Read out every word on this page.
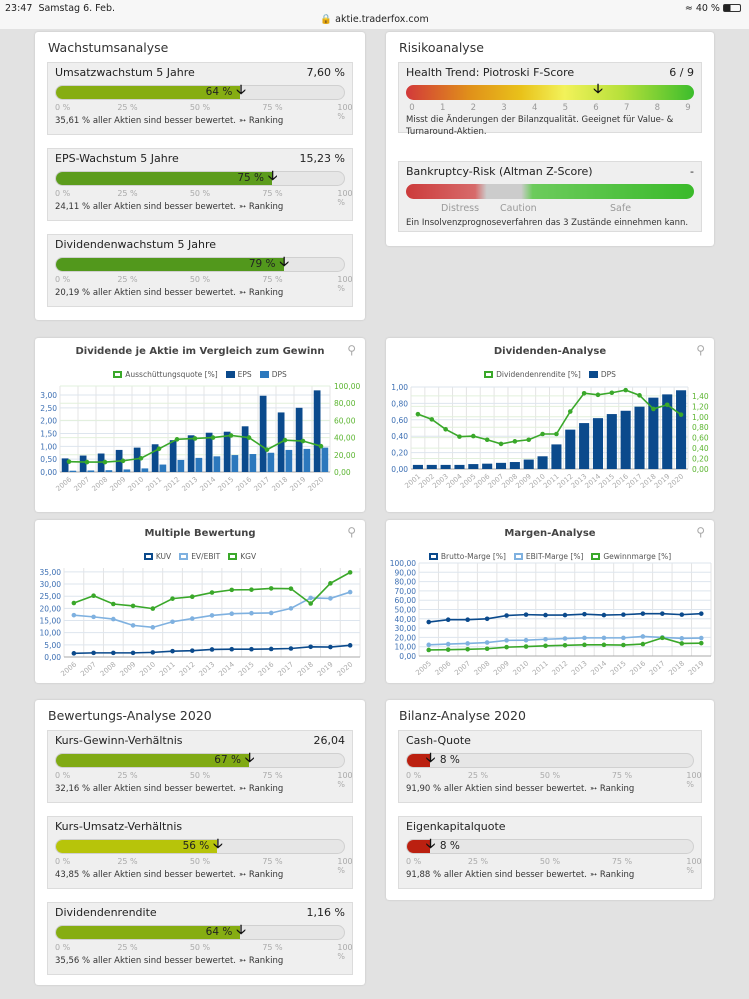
23:47 Samstag 6. Feb.
🔒 aktie.traderfox.com
≈ 40 %
Wachstumsanalyse
Umsatzwachstum 5 Jahre	7,60 %
🡣
64 %
0 %	25 %	50 %	75 %	100 %
35,61 % aller Aktien sind besser bewertet. ➳ Ranking
EPS-Wachstum 5 Jahre	15,23 %
🡣
75 %
0 %	25 %	50 %	75 %	100 %
24,11 % aller Aktien sind besser bewertet. ➳ Ranking
Dividendenwachstum 5 Jahre
🡣
79 %
0 %	25 %	50 %	75 %	100 %
20,19 % aller Aktien sind besser bewertet. ➳ Ranking
Risikoanalyse
Health Trend: Piotroski F-Score	6 / 9
🡣
0	1	2	3	4	5	6	7	8	9
Misst die Änderungen der Bilanzqualität. Geeignet für Value- &
Turnaround-Aktien.
Bankruptcy-Risk (Altman Z-Score)	-
Distress Caution	Safe
Ein Insolvenzprognoseverfahren das 3 Zustände einnehmen kann.
Dividende je Aktie im Vergleich zum Gewinn	⚲
Ausschüttungsquote [%]	EPS	DPS
0,00
0,50
1,00
1,50
2,00
2,50
3,00
0,00
20,00
40,00
60,00
80,00
100,00
2006 2007 2008 2009 2010 2011 2012 2013 2014 2015 2016 2017 2018 2019 2020
Dividenden-Analyse	⚲
Dividendenrendite [%]	DPS
0,00
0,20
0,40
0,60
0,80
1,00
0,00
0,20
0,40
0,60
0,80
1,00
1,20
1,40
2001
2002
2003
2004
2005
2006
2007
2008
2009
2010
2011
2012
2013
2014
2015
2016
2017
2018
2019
2020
Multiple Bewertung	⚲
KUV	EV/EBIT	KGV
0,00
5,00
10,00
15,00
20,00
25,00
30,00
35,00
2006 2007 2008 2009 2010 2011 2012 2013 2014 2015 2016 2017 2018 2019 2020
Margen-Analyse	⚲
Brutto-Marge [%]	EBIT-Marge [%]	Gewinnmarge [%]
0,00
10,00
20,00
30,00
40,00
50,00
60,00
70,00
80,00
90,00
100,00
2005 2006 2007 2008 2009 2010 2011 2012 2013 2014 2015 2016 2017 2018 2019
Bewertungs-Analyse 2020
Kurs-Gewinn-Verhältnis	26,04
🡣
67 %
0 %	25 %	50 %	75 %	100 %
32,16 % aller Aktien sind besser bewertet. ➳ Ranking
Kurs-Umsatz-Verhältnis
🡣
56 %
0 %	25 %	50 %	75 %	100 %
43,85 % aller Aktien sind besser bewertet. ➳ Ranking
Dividendenrendite	1,16 %
🡣
64 %
0 %	25 %	50 %	75 %	100 %
35,56 % aller Aktien sind besser bewertet. ➳ Ranking
Bilanz-Analyse 2020
Cash-Quote
🡣 8 %
0 %	25 %	50 %	75 %	100 %
91,90 % aller Aktien sind besser bewertet. ➳ Ranking
Eigenkapitalquote
🡣 8 %
0 %	25 %	50 %	75 %	100 %
91,88 % aller Aktien sind besser bewertet. ➳ Ranking
